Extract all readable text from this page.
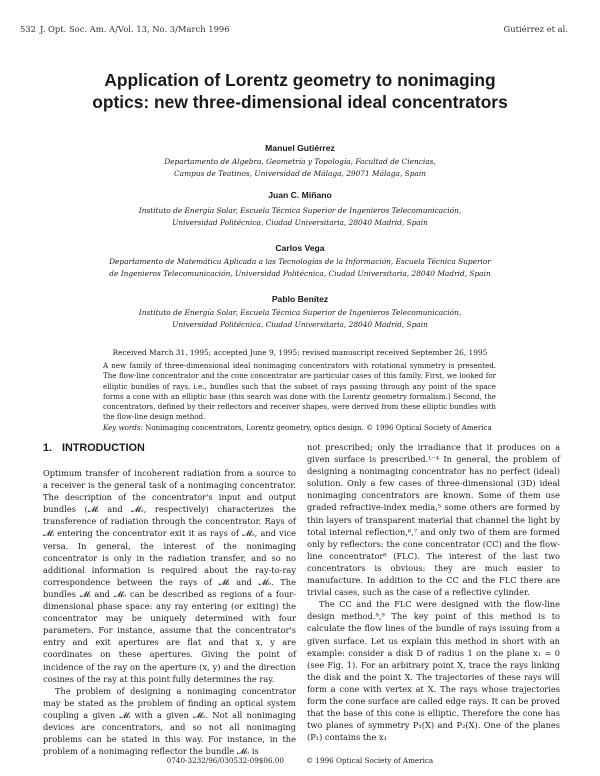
532 J. Opt. Soc. Am. A/Vol. 13, No. 3/March 1996	Gutiérrez et al.
Application of Lorentz geometry to nonimaging
optics: new three-dimensional ideal concentrators
Manuel Gutiérrez
Departamento de Algebra, Geometría y Topología, Facultad de Ciencias,
Campus de Teatinos, Universidad de Málaga, 29071 Málaga, Spain
Juan C. Miñano
Instituto de Energía Solar, Escuela Técnica Superior de Ingenieros Telecomunicación,
Universidad Politécnica, Ciudad Universitaria, 28040 Madrid, Spain
Carlos Vega
Departamento de Matemática Aplicada a las Tecnologías de la Información, Escuela Técnica Superior
de Ingenieros Telecomunicación, Universidad Politécnica, Ciudad Universitaria, 28040 Madrid, Spain
Pablo Benítez
Instituto de Energía Solar, Escuela Técnica Superior de Ingenieros Telecomunicación,
Universidad Politécnica, Ciudad Universitaria, 28040 Madrid, Spain
Received March 31, 1995; accepted June 9, 1995; revised manuscript received September 26, 1995

A new family of three-dimensional ideal nonimaging concentrators with rotational symmetry is presented. The flow-line concentrator and the cone concentrator are particular cases of this family. First, we looked for elliptic bundles of rays, i.e., bundles such that the subset of rays passing through any point of the space forms a cone with an elliptic base (this search was done with the Lorentz geometry formalism.) Second, the concentrators, defined by their reflectors and receiver shapes, were derived from these elliptic bundles with the flow-line design method.

Key words: Nonimaging concentrators, Lorentz geometry, optics design. © 1996 Optical Society of America

1. INTRODUCTION

Optimum transfer of incoherent radiation from a source to a receiver is the general task of a nonimaging concentrator. The description of the concentrator's input and output bundles (𝓜ᵢ and 𝓜ₒ, respectively) characterizes the transference of radiation through the concentrator. Rays of 𝓜ᵢ entering the concentrator exit it as rays of 𝓜ₒ, and vice versa. In general, the interest of the nonimaging concentrator is only in the radiation transfer, and so no additional information is required about the ray-to-ray correspondence between the rays of 𝓜ᵢ and 𝓜ₒ. The bundles 𝓜ᵢ and 𝓜ₒ can be described as regions of a four-dimensional phase space: any ray entering (or exiting) the concentrator may be uniquely determined with four parameters. For instance, assume that the concentrator's entry and exit apertures are flat and that x, y are coordinates on these apertures. Giving the point of incidence of the ray on the aperture (x, y) and the direction cosines of the ray at this point fully determines the ray.

The problem of designing a nonimaging concentrator may be stated as the problem of finding an optical system coupling a given 𝓜ᵢ with a given 𝓜ₒ. Not all nonimaging devices are concentrators, and so not all nonimaging problems can be stated in this way. For instance, in the problem of a nonimaging reflector the bundle 𝓜ₒ is

not prescribed; only the irradiance that it produces on a given surface is prescribed.¹⁻⁴ In general, the problem of designing a nonimaging concentrator has no perfect (ideal) solution. Only a few cases of three-dimensional (3D) ideal nonimaging concentrators are known. Some of them use graded refractive-index media,⁵ some others are formed by thin layers of transparent material that channel the light by total internal reflection,⁶,⁷ and only two of them are formed only by reflectors: the cone concentrator (CC) and the flow-line concentrator⁸ (FLC). The interest of the last two concentrators is obvious: they are much easier to manufacture. In addition to the CC and the FLC there are trivial cases, such as the case of a reflective cylinder.

The CC and the FLC were designed with the flow-line design method.⁸,⁹ The key point of this method is to calculate the flow lines of the bundle of rays issuing from a given surface. Let us explain this method in short with an example: consider a disk D of radius 1 on the plane x₁ = 0 (see Fig. 1). For an arbitrary point X, trace the rays linking the disk and the point X. The trajectories of these rays will form a cone with vertex at X. The rays whose trajectories form the cone surface are called edge rays. It can be proved that the base of this cone is elliptic. Therefore the cone has two planes of symmetry P₁(X) and P₂(X). One of the planes (P₁) contains the x₁

0740-3232/96/030532-09$06.00	© 1996 Optical Society of America
